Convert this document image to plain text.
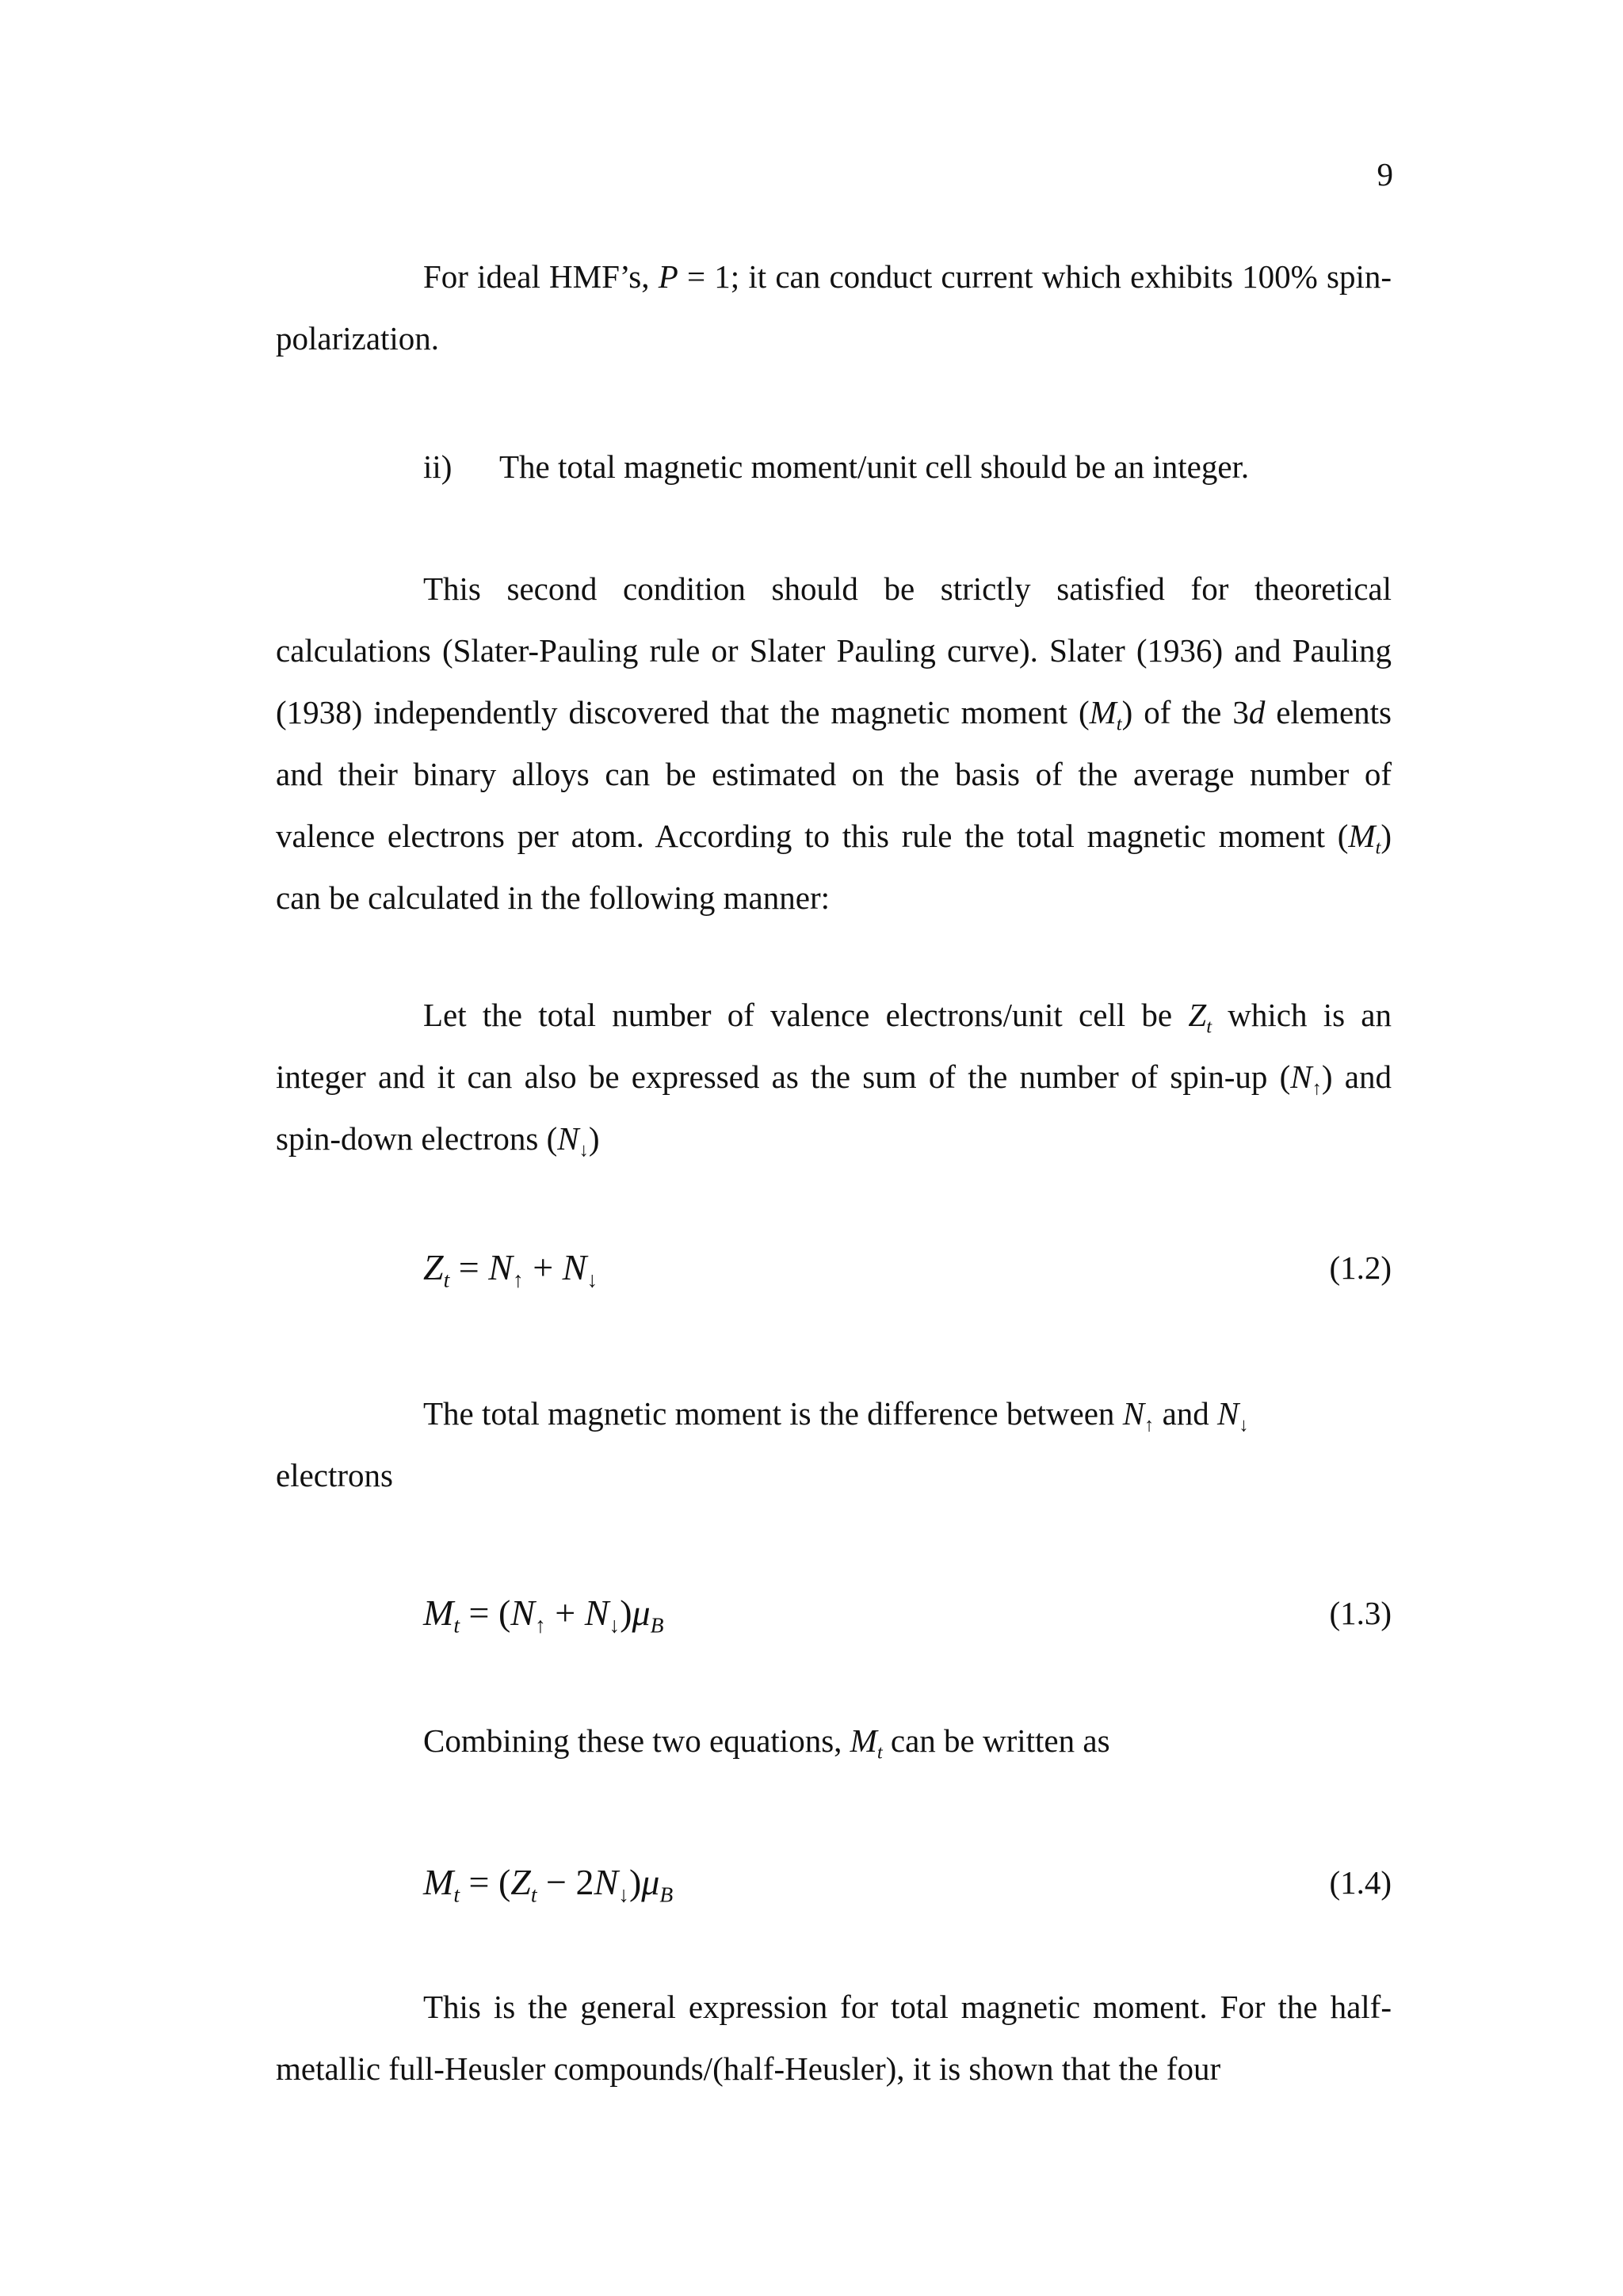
9

For ideal HMF’s, P = 1; it can conduct current which exhibits 100% spin-polarization.

ii) The total magnetic moment/unit cell should be an integer.

This second condition should be strictly satisfied for theoretical calculations (Slater-Pauling rule or Slater Pauling curve). Slater (1936) and Pauling (1938) independently discovered that the magnetic moment $(M_t)$ of the 3d elements and their binary alloys can be estimated on the basis of the average number of valence electrons per atom. According to this rule the total magnetic moment $(M_t)$ can be calculated in the following manner:

Let the total number of valence electrons/unit cell be $Z_t$ which is an integer and it can also be expressed as the sum of the number of spin-up $(N_↑)$ and spin-down electrons $(N_↓)$

$Z_t = N_↑ + N_↓$	(1.2)
The total magnetic moment is the difference between $N_↑$ and $N_↓$
electrons
$M_t = (N_↑ + N_↓)\mu_B$	(1.3)
Combining these two equations, $M_t$ can be written as
$M_t = (Z_t - 2N_↓)\mu_B$	(1.4)

This is the general expression for total magnetic moment. For the half-metallic full-Heusler compounds/(half-Heusler), it is shown that the four
